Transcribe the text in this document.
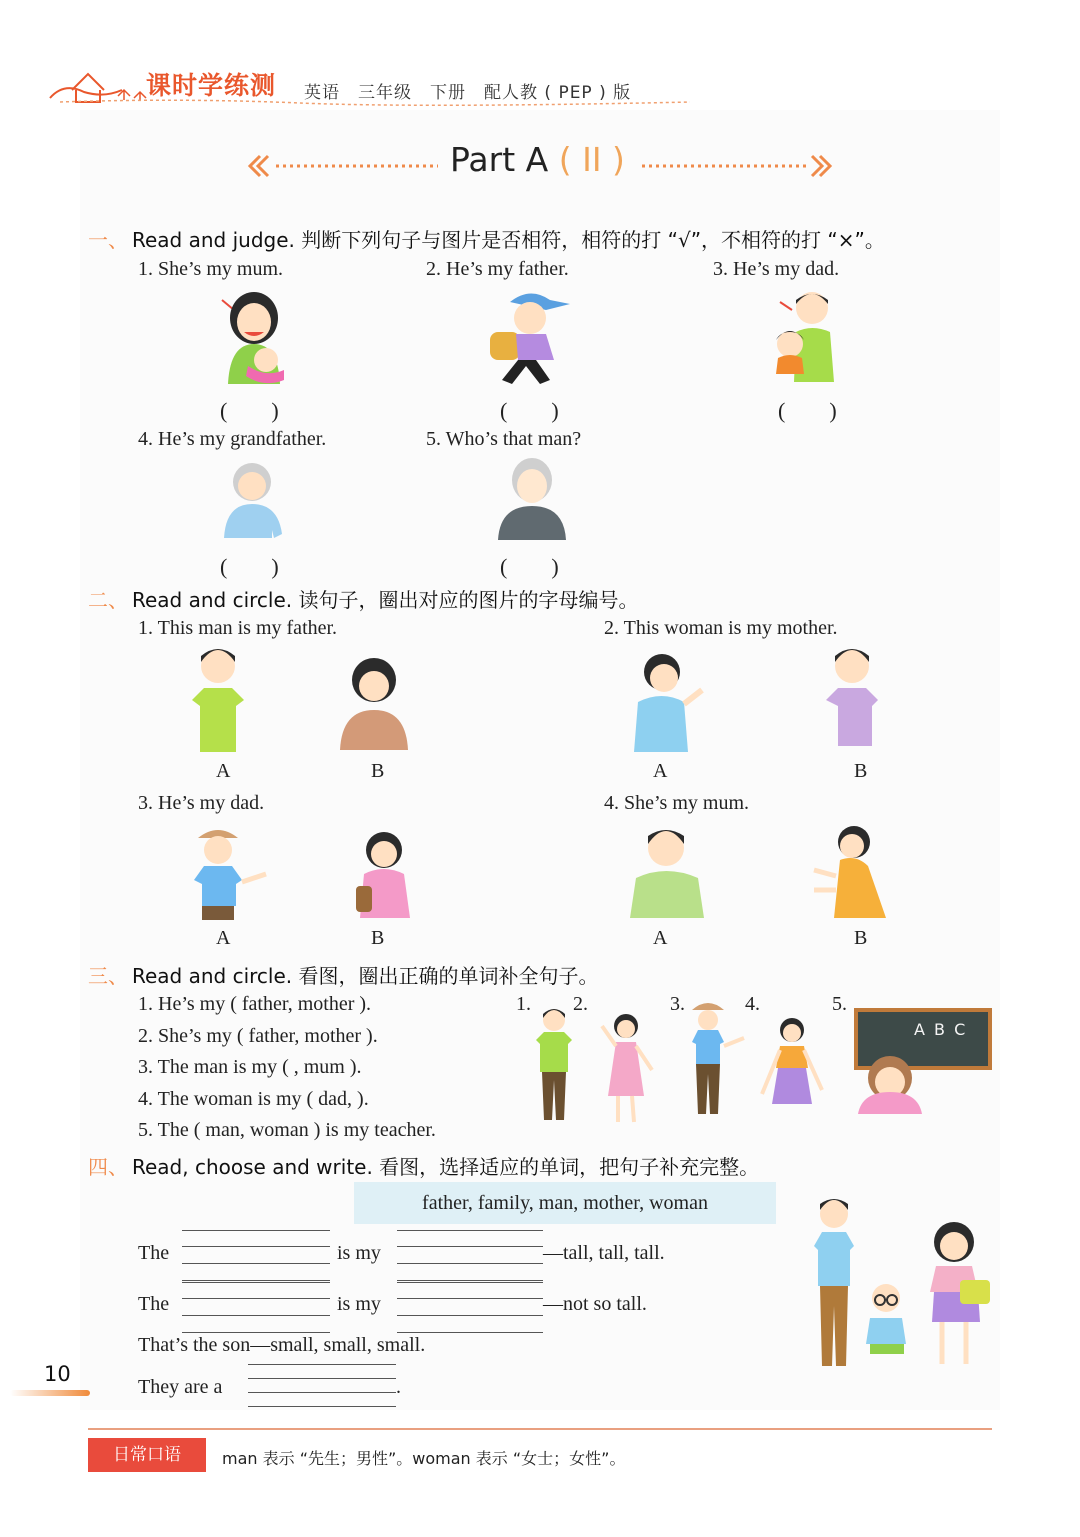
课时学练测 英语　三年级　下册　配人教 ( PEP ) 版
Part A ( II )
一、 Read and judge. 判断下列句子与图片是否相符，相符的打 “√”，不相符的打 “×”。
1. She’s my mum.	2. He’s my father.	3. He’s my dad.
(　　)	(　　)	(　　)
4. He’s my grandfather.	5. Who’s that man?
(　　)	(　　)
二、 Read and circle. 读句子，圈出对应的图片的字母编号。
1. This man is my father.	2. This woman is my mother.
A	B	A	B
3. He’s my dad.	4. She’s my mum.
A	B	A	B
三、 Read and circle. 看图，圈出正确的单词补全句子。
1. He’s my ( father, mother ).
2. She’s my ( father, mother ).
3. The man is my ( , mum ).
4. The woman is my ( dad, ).
5. The ( man, woman ) is my teacher.
1. 2.	3.	4.	5.
A B C
四、 Read, choose and write. 看图，选择适应的单词，把句子补充完整。
father, family, man, mother, woman
The	is my	—tall, tall, tall.
The	is my	—not so tall.
That’s the son—small, small, small.
They are a	.
10
日常口语	man 表示 “先生；男性”。woman 表示 “女士；女性”。
